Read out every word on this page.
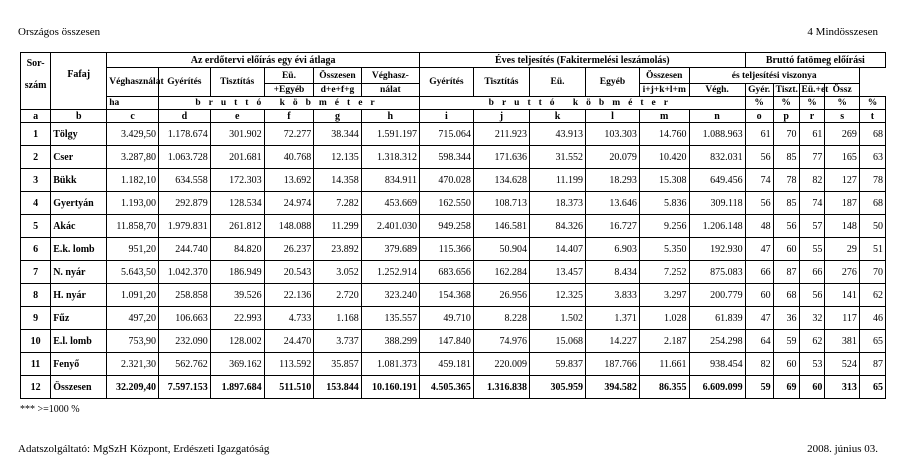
Országos összesen	4 Mindösszesen
Sor-

szám	Fafaj	Az erdőtervi előírás egy évi átlaga						Éves teljesítés (Fakitermelési leszámolás)						Bruttó fatömeg előírási				
		Véghasználat	Gyérítés	Tisztítás	Eü.	Összesen	Véghasz-	Gyérítés	Tisztítás	Eü.	Egyéb	Összesen	és teljesítési viszonya					
					+Egyéb	d+e+f+g	nálat					i+j+k+l+m	Végh.	Gyér.	Tiszt.	Eü.+et	Össz	
		ha	bruttó köbméter					bruttó köbméter						%	%	%	%	%
a	b	c	d	e	f	g	h	i	j	k	l	m	n	o	p	r	s	t
1	Tölgy	3.429,50	1.178.674	301.902	72.277	38.344	1.591.197	715.064	211.923	43.913	103.303	14.760	1.088.963	61	70	61	269	68
2	Cser	3.287,80	1.063.728	201.681	40.768	12.135	1.318.312	598.344	171.636	31.552	20.079	10.420	832.031	56	85	77	165	63
3	Bükk	1.182,10	634.558	172.303	13.692	14.358	834.911	470.028	134.628	11.199	18.293	15.308	649.456	74	78	82	127	78
4	Gyertyán	1.193,00	292.879	128.534	24.974	7.282	453.669	162.550	108.713	18.373	13.646	5.836	309.118	56	85	74	187	68
5	Akác	11.858,70	1.979.831	261.812	148.088	11.299	2.401.030	949.258	146.581	84.326	16.727	9.256	1.206.148	48	56	57	148	50
6	E.k. lomb	951,20	244.740	84.820	26.237	23.892	379.689	115.366	50.904	14.407	6.903	5.350	192.930	47	60	55	29	51
7	N. nyár	5.643,50	1.042.370	186.949	20.543	3.052	1.252.914	683.656	162.284	13.457	8.434	7.252	875.083	66	87	66	276	70
8	H. nyár	1.091,20	258.858	39.526	22.136	2.720	323.240	154.368	26.956	12.325	3.833	3.297	200.779	60	68	56	141	62
9	Fűz	497,20	106.663	22.993	4.733	1.168	135.557	49.710	8.228	1.502	1.371	1.028	61.839	47	36	32	117	46
10	E.l. lomb	753,90	232.090	128.002	24.470	3.737	388.299	147.840	74.976	15.068	14.227	2.187	254.298	64	59	62	381	65
11	Fenyő	2.321,30	562.762	369.162	113.592	35.857	1.081.373	459.181	220.009	59.837	187.766	11.661	938.454	82	60	53	524	87
12	Összesen	32.209,40	7.597.153	1.897.684	511.510	153.844	10.160.191	4.505.365	1.316.838	305.959	394.582	86.355	6.609.099	59	69	60	313	65
*** >=1000 %
Adatszolgáltató: MgSzH Központ, Erdészeti Igazgatóság	2008. június 03.
